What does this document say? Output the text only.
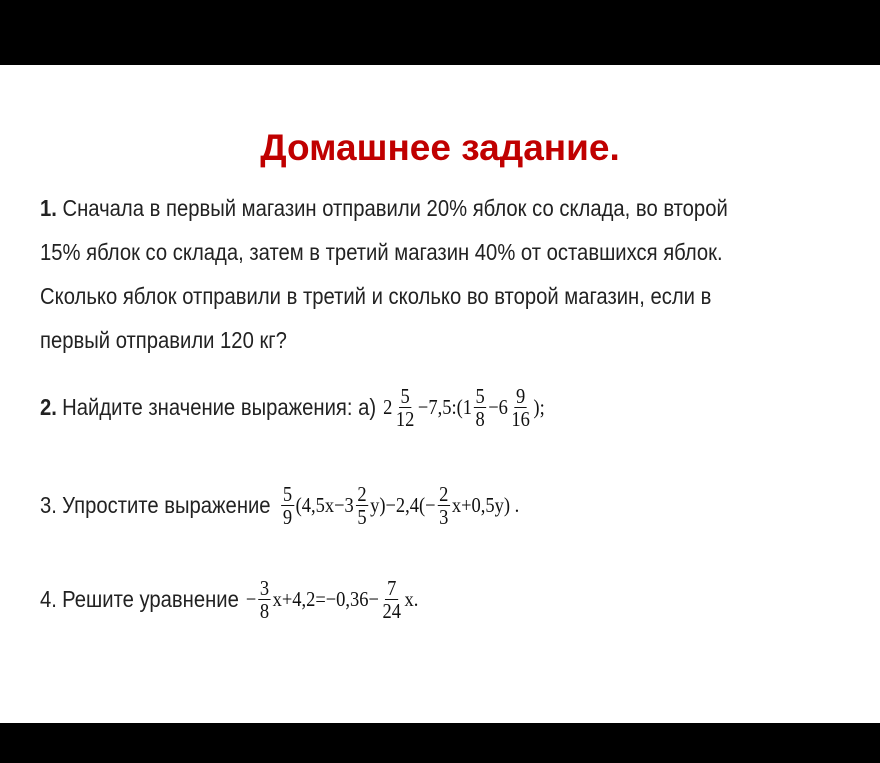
Домашнее задание.
1. Сначала в первый магазин отправили 20% яблок со склада, во второй
15% яблок со склада, затем в третий магазин 40% от оставшихся яблок.
Сколько яблок отправили в третий и сколько во второй магазин, если в
первый отправили 120 кг?
2. Найдите значение выражения: а) $2 \frac{5}{12}$ −7,5:(1 $\frac{5}{8} -6 \frac{9}{16}$ );
3. Упростите выражение $\frac{5}{9} (4,5x-3 \frac{2}{5} y)-2,4(- \frac{2}{3} x+0,5y)$ .
4. Решите уравнение − $\frac{3}{8} x+4,2=-0,36- \frac{7}{24} x$.
